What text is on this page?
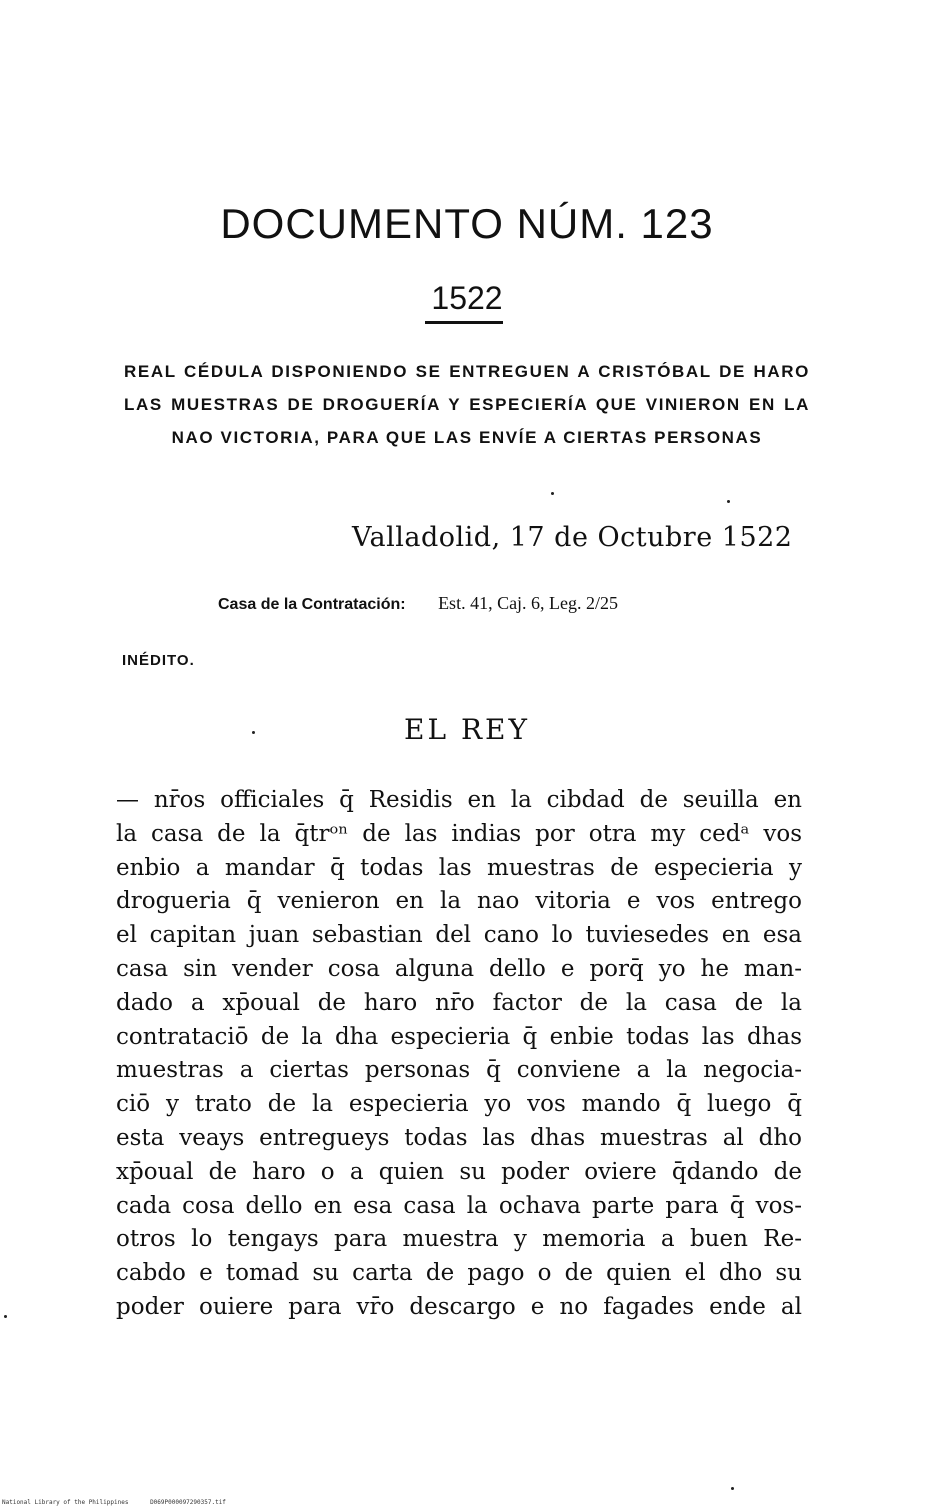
DOCUMENTO NÚM. 123
1522

REAL CÉDULA DISPONIENDO SE ENTREGUEN A CRISTÓBAL DE HARO LAS MUESTRAS DE DROGUERÍA Y ESPECIERÍA QUE VINIERON EN LA NAO VICTORIA, PARA QUE LAS ENVÍE A CIERTAS PERSONAS

Valladolid, 17 de Octubre 1522
Casa de la Contratación: Est. 41, Caj. 6, Leg. 2/25
INÉDITO.
EL REY

— nr̄os officiales q̄ Residis en la cibdad de seuilla en
la casa de la q̄trᵒⁿ de las indias por otra my cedᵃ vos
enbio a mandar q̄ todas las muestras de especieria y
drogueria q̄ venieron en la nao vitoria e vos entrego
el capitan juan sebastian del cano lo tuviesedes en esa
casa sin vender cosa alguna dello e porq̄ yo he man-
dado a xp̄oual de haro nr̄o factor de la casa de la
contrataciō de la dha especieria q̄ enbie todas las dhas
muestras a ciertas personas q̄ conviene a la negocia-
ciō y trato de la especieria yo vos mando q̄ luego q̄
esta veays entregueys todas las dhas muestras al dho
xp̄oual de haro o a quien su poder oviere q̄dando de
cada cosa dello en esa casa la ochava parte para q̄ vos-
otros lo tengays para muestra y memoria a buen Re-
cabdo e tomad su carta de pago o de quien el dho su
poder ouiere para vr̄o descargo e no fagades ende al

National Library of the Philippines	D069P000097290357.tif
